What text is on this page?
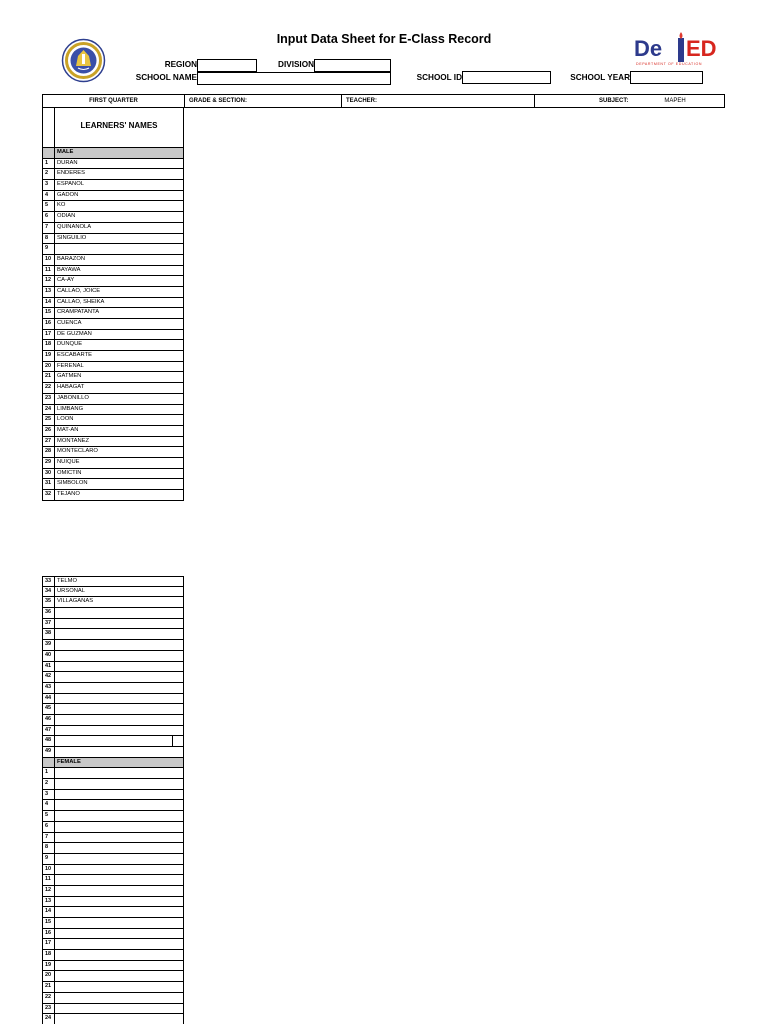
Input Data Sheet for E-Class Record	De ED
DEPARTMENT OF EDUCATION
REGION	DIVISION
SCHOOL NAME	SCHOOL ID	SCHOOL YEAR
FIRST QUARTER	GRADE & SECTION:	TEACHER:	SUBJECT:	MAPEH
LEARNERS' NAMES
MALE
1	DURAN
2	ENDERES
3	ESPANOL
4	GADON
5	KO
6	ODIAN
7	QUINANOLA
8	SINGUILIO
9
10	BARAZON
11	BAYAWA
12	CA-AY
13	CALLAO, JOICE
14	CALLAO, SHEIKA
15	CRAMPATANTA
16	CUENCA
17	DE GUZMAN
18	DUNQUE
19	ESCABARTE
20	FERENAL
21	GATMEN
22	HABAGAT
23	JABONILLO
24	LIMBANG
25	LOON
26	MAT-AN
27	MONTANEZ
28	MONTECLARO
29	NUIQUE
30	OMICTIN
31	SIMBOLON
32	TEJANO
33	TELMO
34	URSONAL
35	VILLAGANAS
36
37
38
39
40
41
42
43
44
45
46
47
48
49
FEMALE
1
2
3
4
5
6
7
8
9
10
11
12
13
14
15
16
17
18
19
20
21
22
23
24
